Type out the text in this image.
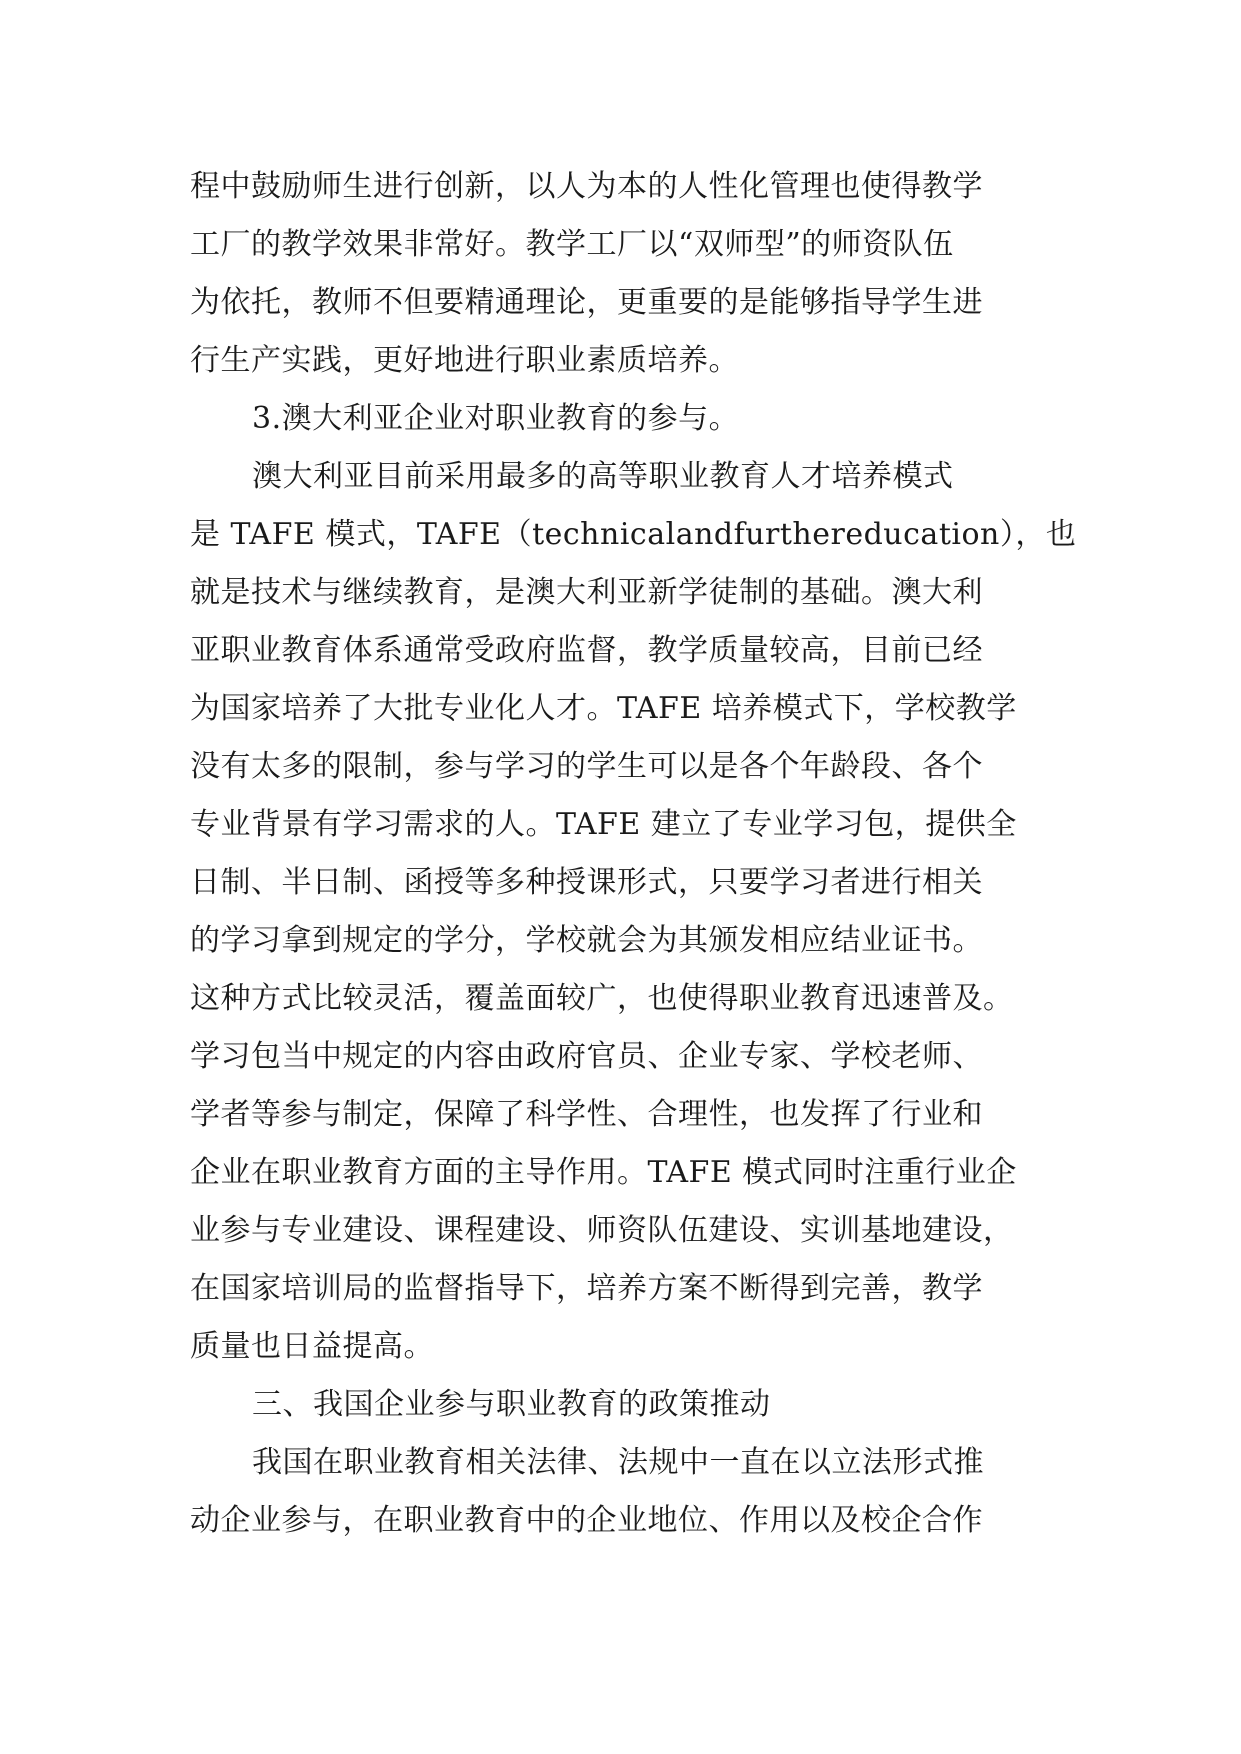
程中鼓励师生进行创新，以人为本的人性化管理也使得教学
工厂的教学效果非常好。教学工厂以“双师型”的师资队伍
为依托，教师不但要精通理论，更重要的是能够指导学生进
行生产实践，更好地进行职业素质培养。
3.澳大利亚企业对职业教育的参与。
澳大利亚目前采用最多的高等职业教育人才培养模式
是 TAFE 模式，TAFE（technicalandfurthereducation），也
就是技术与继续教育，是澳大利亚新学徒制的基础。澳大利
亚职业教育体系通常受政府监督，教学质量较高，目前已经
为国家培养了大批专业化人才。TAFE 培养模式下，学校教学
没有太多的限制，参与学习的学生可以是各个年龄段、各个
专业背景有学习需求的人。TAFE 建立了专业学习包，提供全
日制、半日制、函授等多种授课形式，只要学习者进行相关
的学习拿到规定的学分，学校就会为其颁发相应结业证书。
这种方式比较灵活，覆盖面较广，也使得职业教育迅速普及。
学习包当中规定的内容由政府官员、企业专家、学校老师、
学者等参与制定，保障了科学性、合理性，也发挥了行业和
企业在职业教育方面的主导作用。TAFE 模式同时注重行业企
业参与专业建设、课程建设、师资队伍建设、实训基地建设，
在国家培训局的监督指导下，培养方案不断得到完善，教学
质量也日益提高。
三、我国企业参与职业教育的政策推动
我国在职业教育相关法律、法规中一直在以立法形式推
动企业参与，在职业教育中的企业地位、作用以及校企合作
